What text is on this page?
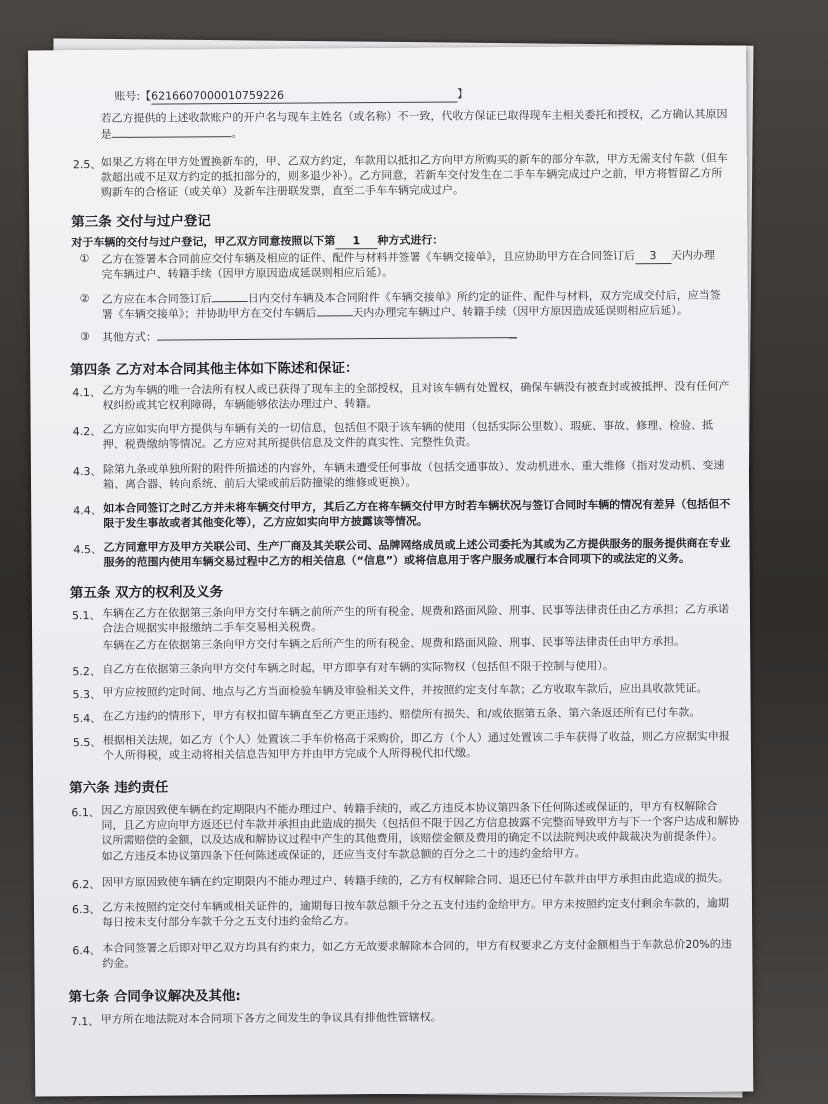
账号:【6216607000010759226	】
若乙方提供的上述收款账户的开户名与现车主姓名（或名称）不一致，代收方保证已取得现车主相关委托和授权，乙方确认其原因
是	。
2.5、 如果乙方将在甲方处置换新车的，甲、乙双方约定，车款用以抵扣乙方向甲方所购买的新车的部分车款，甲方无需支付车款（但车
款超出或不足双方约定的抵扣部分的，则多退少补）。乙方同意，若新车交付发生在二手车车辆完成过户之前，甲方将暂留乙方所
购新车的合格证（或关单）及新车注册联发票，直至二手车车辆完成过户。
第三条 交付与过户登记
对于车辆的交付与过户登记，甲乙双方同意按照以下第 1 种方式进行：
① 乙方在签署本合同前应交付车辆及相应的证件、配件与材料并签署《车辆交接单》，且应协助甲方在合同签订后 3 天内办理
完车辆过户、转籍手续（因甲方原因造成延误则相应后延）。
② 乙方应在本合同签订后	日内交付车辆及本合同附件《车辆交接单》所约定的证件、配件与材料，双方完成交付后，应当签
署《车辆交接单》；并协助甲方在交付车辆后	天内办理完车辆过户、转籍手续（因甲方原因造成延误则相应后延）。
③ 其他方式：
第四条 乙方对本合同其他主体如下陈述和保证：
4.1、 乙方为车辆的唯一合法所有权人或已获得了现车主的全部授权，且对该车辆有处置权，确保车辆没有被查封或被抵押、没有任何产
权纠纷或其它权利障碍，车辆能够依法办理过户、转籍。
4.2、 乙方应如实向甲方提供与车辆有关的一切信息，包括但不限于该车辆的使用（包括实际公里数）、瑕疵、事故、修理、检验、抵
押、税费缴纳等情况。乙方应对其所提供信息及文件的真实性、完整性负责。
4.3、 除第九条或单独所附的附件所描述的内容外，车辆未遭受任何事故（包括交通事故）、发动机进水、重大维修（指对发动机、变速
箱、离合器、转向系统、前后大梁或前后防撞梁的维修或更换）。
4.4、 如本合同签订之时乙方并未将车辆交付甲方，其后乙方在将车辆交付甲方时若车辆状况与签订合同时车辆的情况有差异（包括但不
限于发生事故或者其他变化等），乙方应如实向甲方披露该等情况。
4.5、 乙方同意甲方及甲方关联公司、生产厂商及其关联公司、品牌网络成员或上述公司委托为其或为乙方提供服务的服务提供商在专业
服务的范围内使用车辆交易过程中乙方的相关信息（“信息”）或将信息用于客户服务或履行本合同项下的或法定的义务。
第五条 双方的权利及义务
5.1、 车辆在乙方在依据第三条向甲方交付车辆之前所产生的所有税金、规费和路面风险、刑事、民事等法律责任由乙方承担；乙方承诺
合法合规据实申报缴纳二手车交易相关税费。
车辆在乙方在依据第三条向甲方交付车辆之后所产生的所有税金、规费和路面风险、刑事、民事等法律责任由甲方承担。
5.2、 自乙方在依据第三条向甲方交付车辆之时起，甲方即享有对车辆的实际物权（包括但不限于控制与使用）。
5.3、 甲方应按照约定时间、地点与乙方当面检验车辆及审验相关文件，并按照约定支付车款；乙方收取车款后，应出具收款凭证。
5.4、 在乙方违约的情形下，甲方有权扣留车辆直至乙方更正违约、赔偿所有损失、和/或依据第五条、第六条返还所有已付车款。
5.5、 根据相关法规，如乙方（个人）处置该二手车价格高于采购价，即乙方（个人）通过处置该二手车获得了收益，则乙方应据实申报
个人所得税，或主动将相关信息告知甲方并由甲方完成个人所得税代扣代缴。
第六条 违约责任
6.1、 因乙方原因致使车辆在约定期限内不能办理过户、转籍手续的，或乙方违反本协议第四条下任何陈述或保证的，甲方有权解除合
同，且乙方应向甲方返还已付车款并承担由此造成的损失（包括但不限于因乙方信息披露不完整而导致甲方与下一个客户达成和解协
议所需赔偿的金额，以及达成和解协议过程中产生的其他费用，该赔偿金额及费用的确定不以法院判决或仲裁裁决为前提条件）。
如乙方违反本协议第四条下任何陈述或保证的，还应当支付车款总额的百分之二十的违约金给甲方。
6.2、 因甲方原因致使车辆在约定期限内不能办理过户、转籍手续的，乙方有权解除合同、退还已付车款并由甲方承担由此造成的损失。
6.3、 乙方未按照约定交付车辆或相关证件的，逾期每日按车款总额千分之五支付违约金给甲方。甲方未按照约定支付剩余车款的，逾期
每日按未支付部分车款千分之五支付违约金给乙方。
6.4、 本合同签署之后即对甲乙双方均具有约束力，如乙方无故要求解除本合同的，甲方有权要求乙方支付金额相当于车款总价20%的违
约金。
第七条 合同争议解决及其他:
7.1、 甲方所在地法院对本合同项下各方之间发生的争议具有排他性管辖权。
